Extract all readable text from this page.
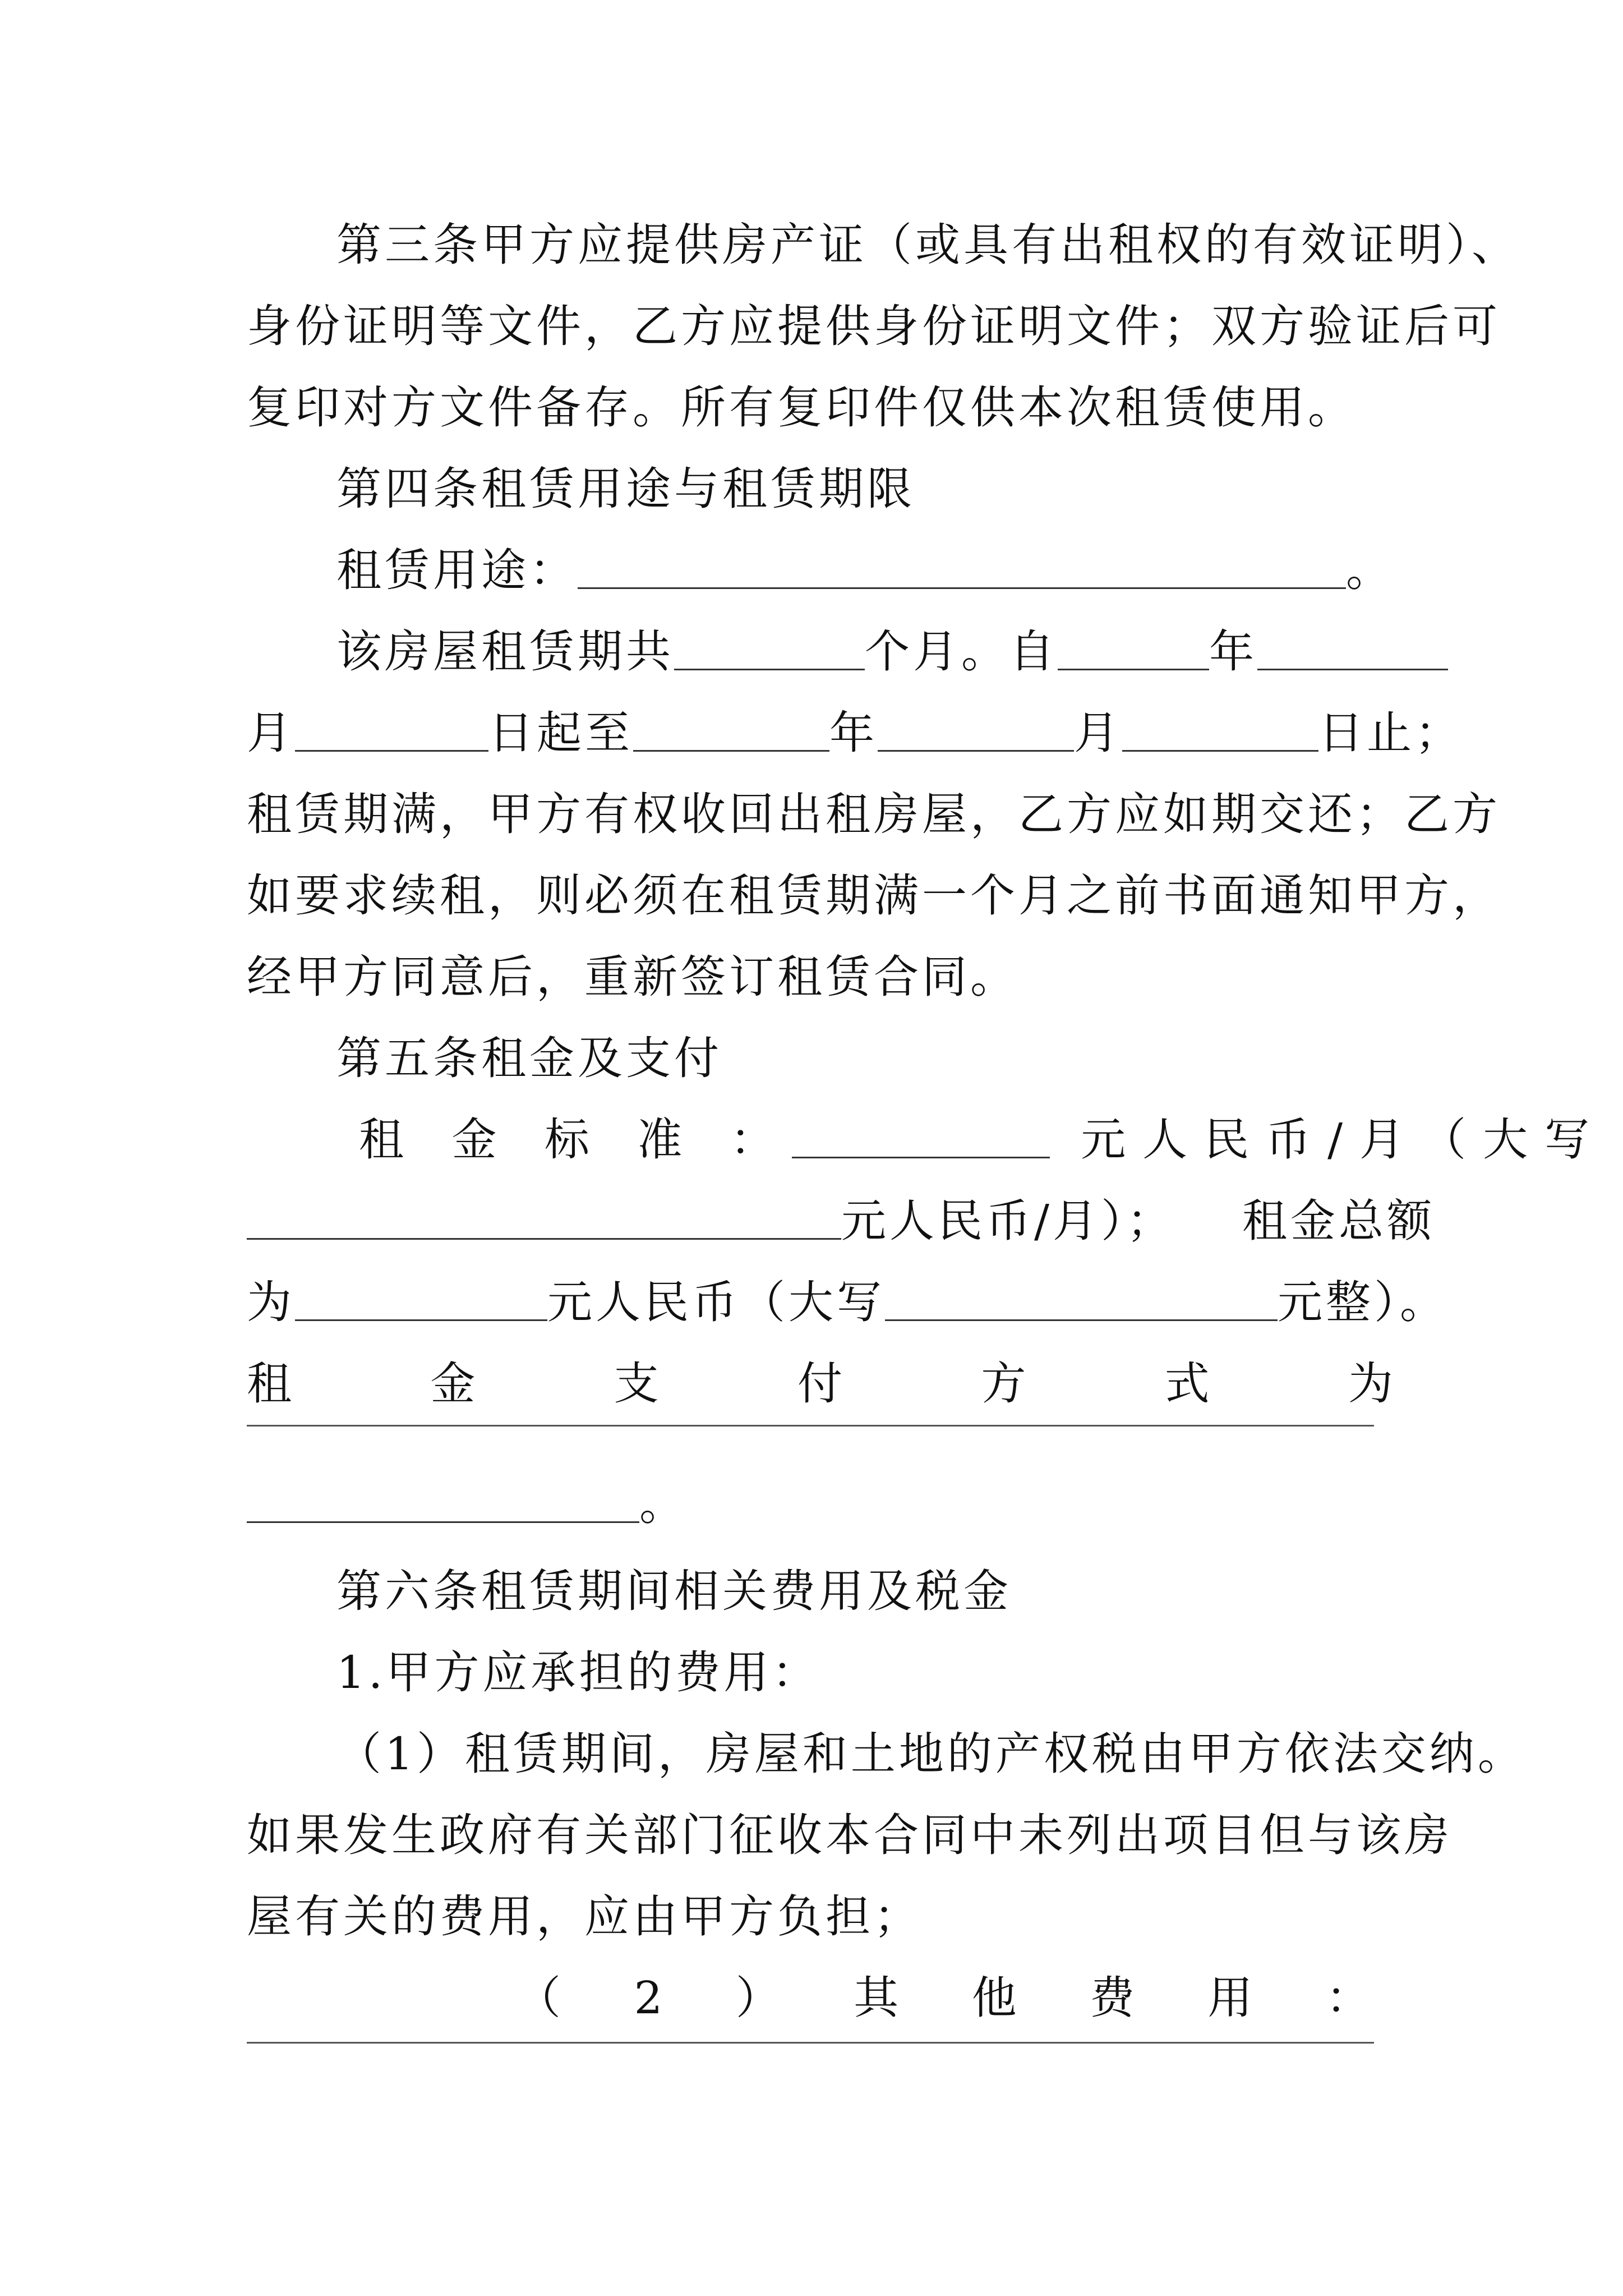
第三条甲方应提供房产证（或具有出租权的有效证明）、
身份证明等文件，乙方应提供身份证明文件；双方验证后可
复印对方文件备存。所有复印件仅供本次租赁使用。
第四条租赁用途与租赁期限
租赁用途：	。
该房屋租赁期共	个月。自	年
月	日起至	年	月	日止；
租赁期满，甲方有权收回出租房屋，乙方应如期交还；乙方
如要求续租，则必须在租赁期满一个月之前书面通知甲方，
经甲方同意后，重新签订租赁合同。
第五条租金及支付
租 金 标 准 ：	元人民币/月（大写
元人民币/月）； 租金总额
为	元人民币（大写	元整）。
租	金	支	付	方	式	为
。
第六条租赁期间相关费用及税金
1.甲方应承担的费用：
（1）租赁期间，房屋和土地的产权税由甲方依法交纳。
如果发生政府有关部门征收本合同中未列出项目但与该房
屋有关的费用，应由甲方负担；
（ 2 ） 其 他 费 用 ：
